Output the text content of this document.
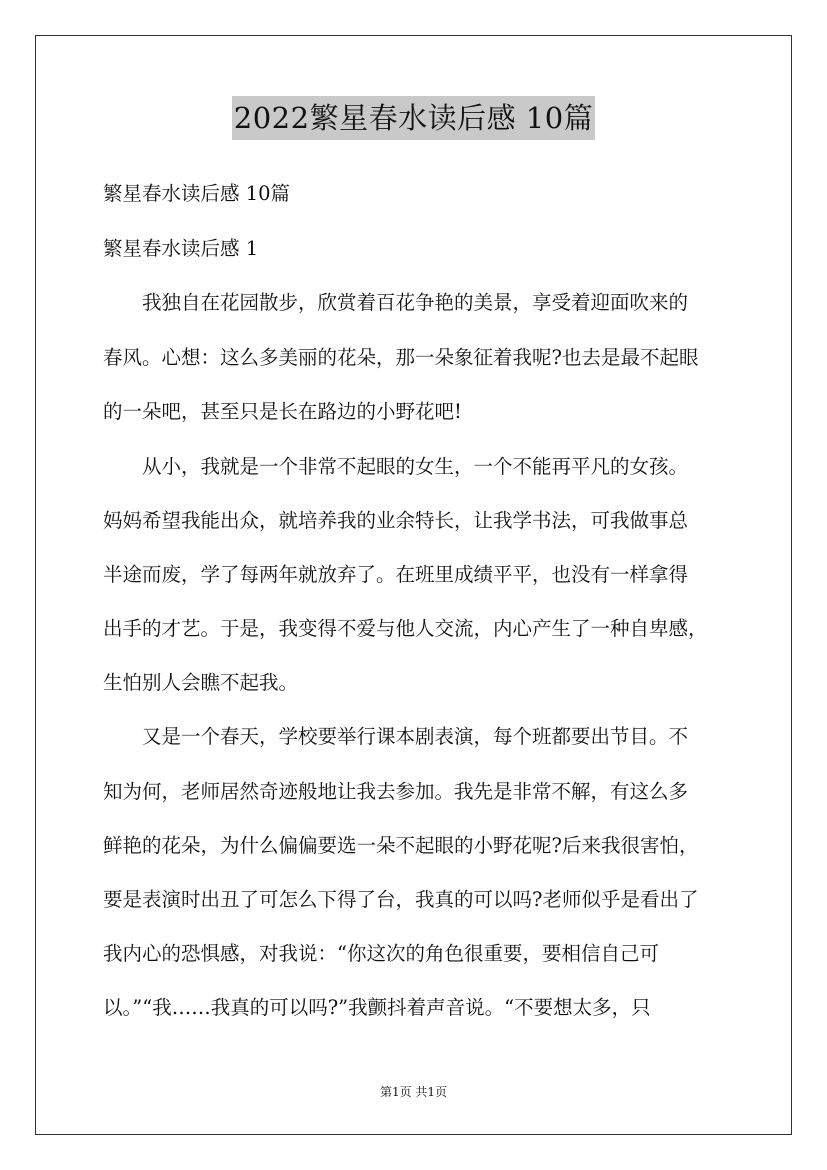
2022繁星春水读后感 10篇
繁星春水读后感 10篇
繁星春水读后感 1
我独自在花园散步，欣赏着百花争艳的美景，享受着迎面吹来的
春风。心想：这么多美丽的花朵，那一朵象征着我呢?也去是最不起眼
的一朵吧，甚至只是长在路边的小野花吧!
从小，我就是一个非常不起眼的女生，一个不能再平凡的女孩。
妈妈希望我能出众，就培养我的业余特长，让我学书法，可我做事总
半途而废，学了每两年就放弃了。在班里成绩平平，也没有一样拿得
出手的才艺。于是，我变得不爱与他人交流，内心产生了一种自卑感，
生怕别人会瞧不起我。
又是一个春天，学校要举行课本剧表演，每个班都要出节目。不
知为何，老师居然奇迹般地让我去参加。我先是非常不解，有这么多
鲜艳的花朵，为什么偏偏要选一朵不起眼的小野花呢?后来我很害怕，
要是表演时出丑了可怎么下得了台，我真的可以吗?老师似乎是看出了
我内心的恐惧感，对我说：“你这次的角色很重要，要相信自己可
以。”“我……我真的可以吗?”我颤抖着声音说。“不要想太多，只
第1页 共1页
